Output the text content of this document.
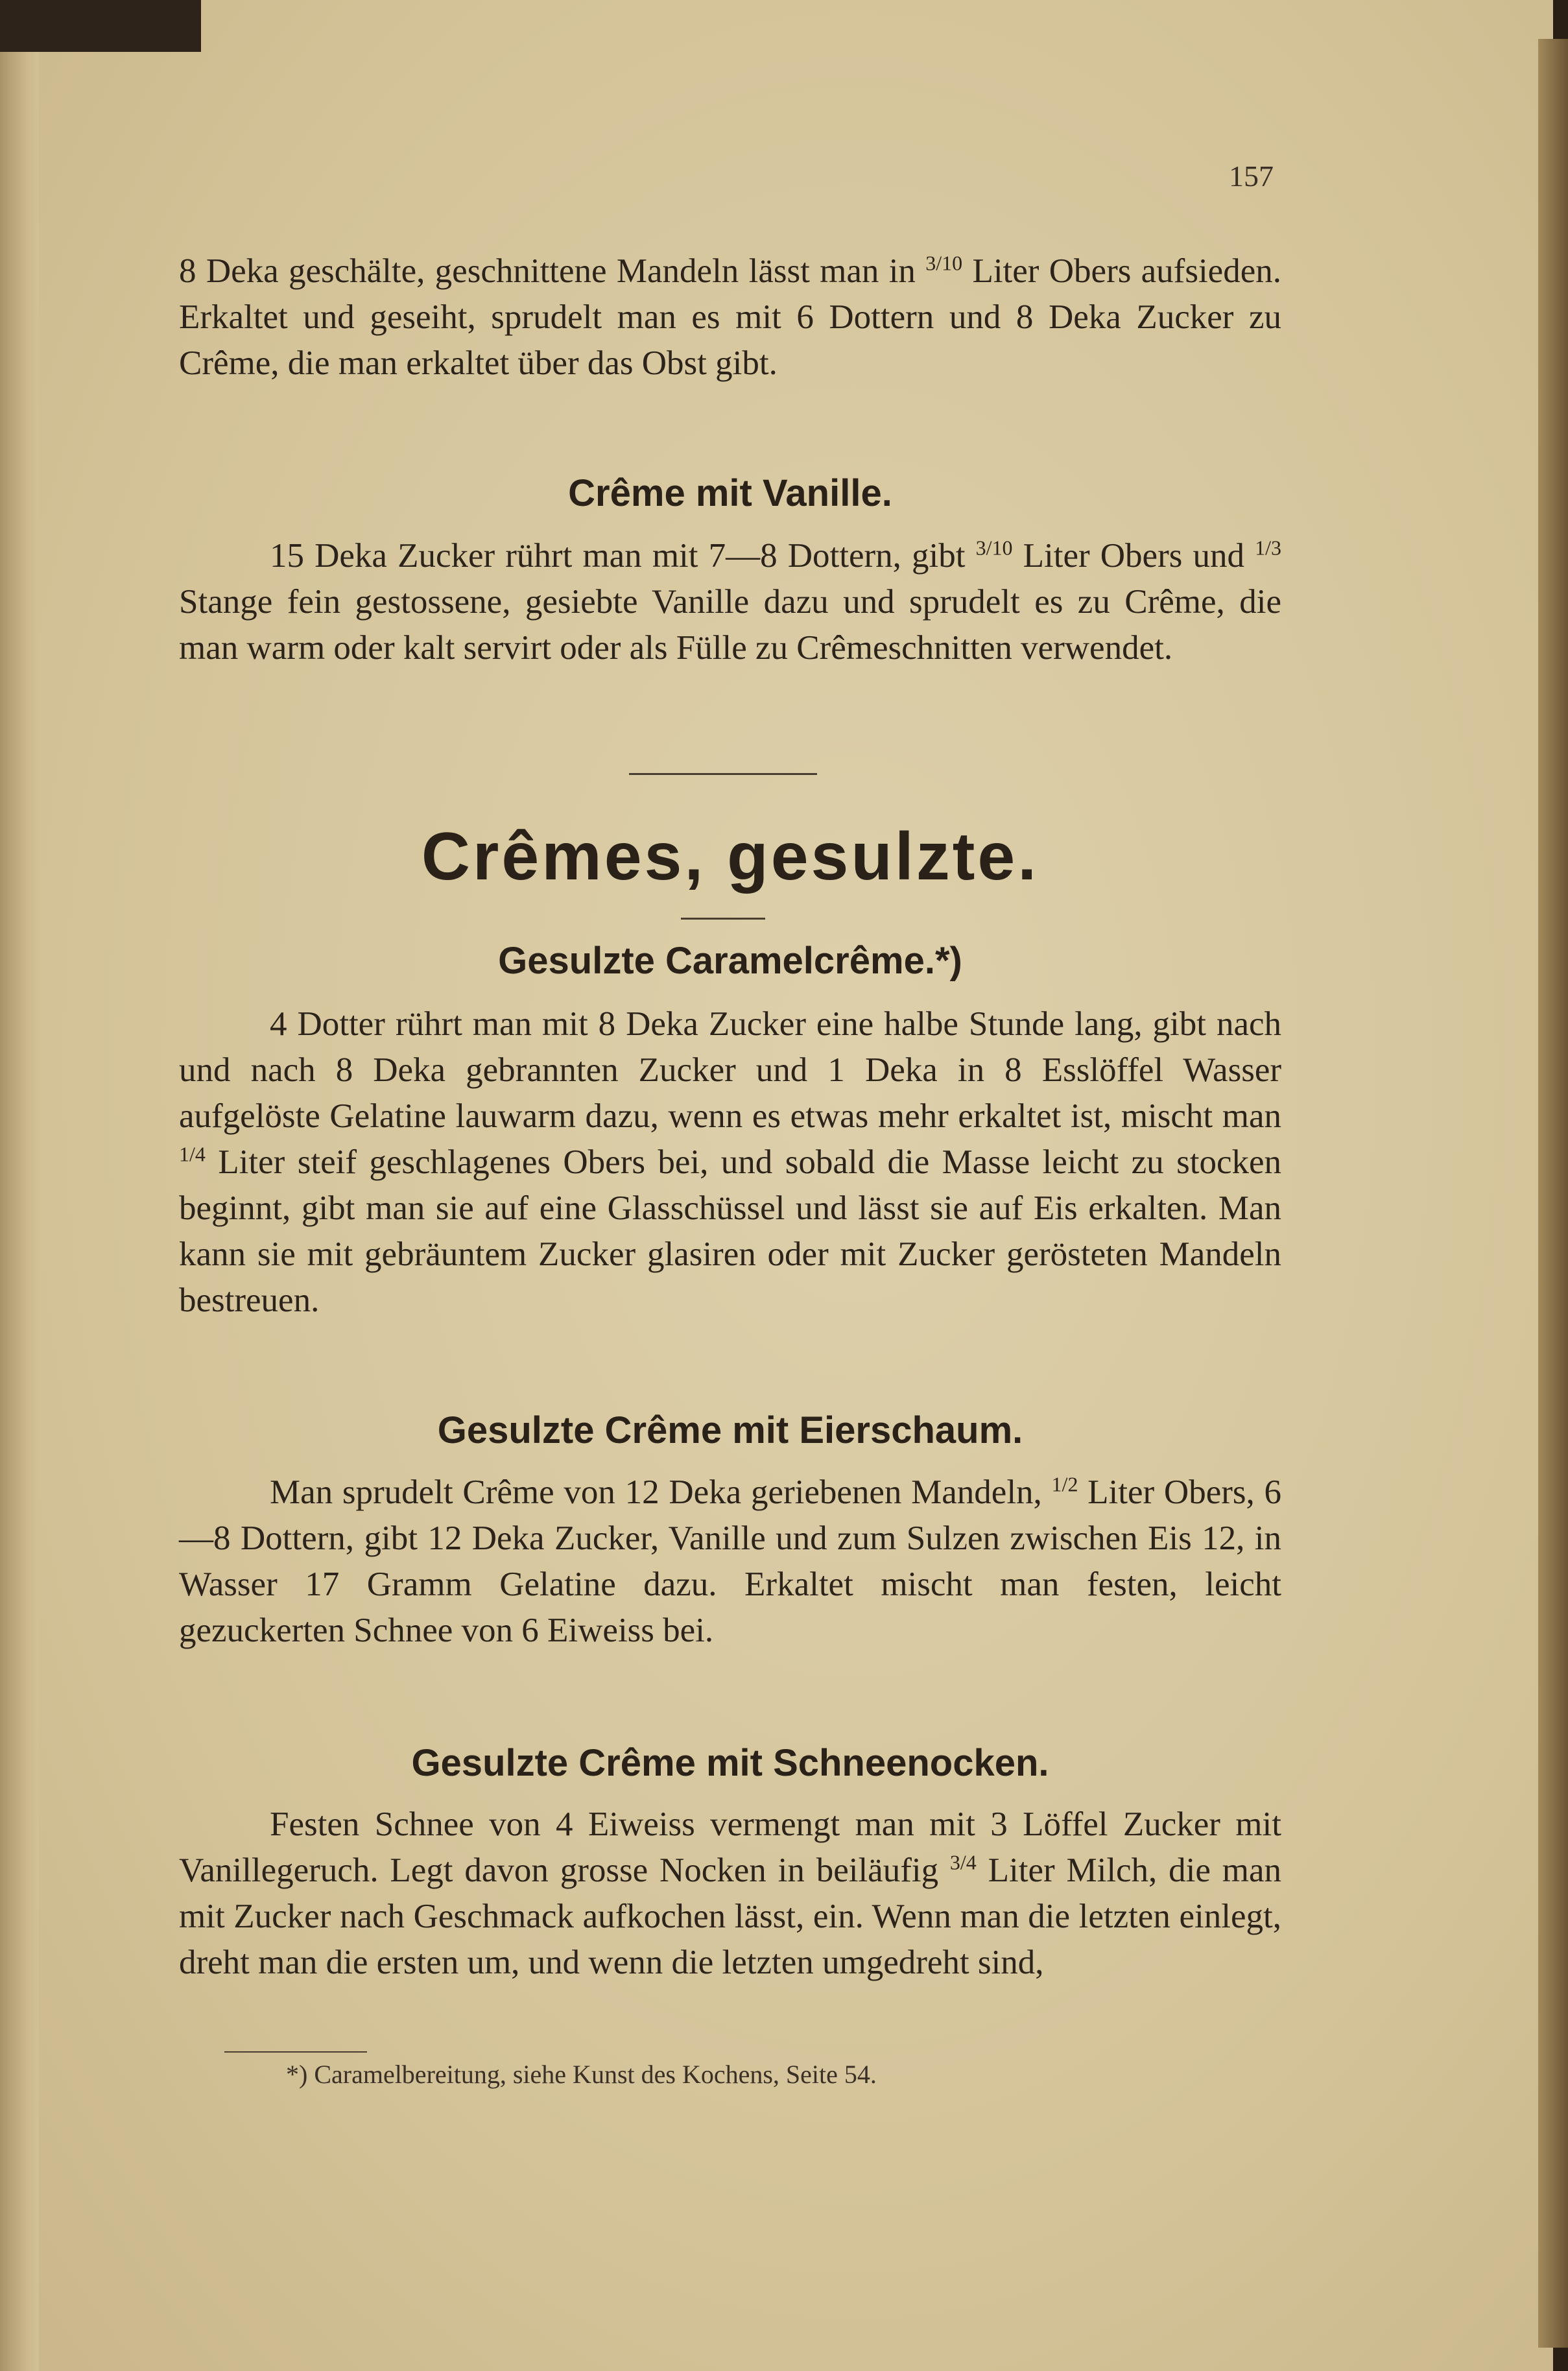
157

8 Deka geschälte, geschnittene Mandeln lässt man in $^{3/10}$ Liter Obers aufsieden. Erkaltet und geseiht, sprudelt man es mit 6 Dottern und 8 Deka Zucker zu Crême, die man erkaltet über das Obst gibt.

Crême mit Vanille.

15 Deka Zucker rührt man mit 7—8 Dottern, gibt $^{3/10}$ Liter Obers und $^{1/3}$ Stange fein gestossene, gesiebte Vanille dazu und sprudelt es zu Crême, die man warm oder kalt servirt oder als Fülle zu Crêmeschnitten verwendet.

Crêmes, gesulzte.
Gesulzte Caramelcrême.*)

4 Dotter rührt man mit 8 Deka Zucker eine halbe Stunde lang, gibt nach und nach 8 Deka gebrannten Zucker und 1 Deka in 8 Esslöffel Wasser aufgelöste Gelatine lauwarm dazu, wenn es etwas mehr erkaltet ist, mischt man $^{1/4}$ Liter steif geschlagenes Obers bei, und sobald die Masse leicht zu stocken beginnt, gibt man sie auf eine Glasschüssel und lässt sie auf Eis erkalten. Man kann sie mit gebräuntem Zucker glasiren oder mit Zucker gerösteten Mandeln bestreuen.

Gesulzte Crême mit Eierschaum.

Man sprudelt Crême von 12 Deka geriebenen Mandeln, $^{1/2}$ Liter Obers, 6—8 Dottern, gibt 12 Deka Zucker, Vanille und zum Sulzen zwischen Eis 12, in Wasser 17 Gramm Gelatine dazu. Erkaltet mischt man festen, leicht gezuckerten Schnee von 6 Eiweiss bei.

Gesulzte Crême mit Schneenocken.

Festen Schnee von 4 Eiweiss vermengt man mit 3 Löffel Zucker mit Vanillegeruch. Legt davon grosse Nocken in beiläufig $^{3/4}$ Liter Milch, die man mit Zucker nach Geschmack aufkochen lässt, ein. Wenn man die letzten einlegt, dreht man die ersten um, und wenn die letzten umgedreht sind,

*) Caramelbereitung, siehe Kunst des Kochens, Seite 54.
